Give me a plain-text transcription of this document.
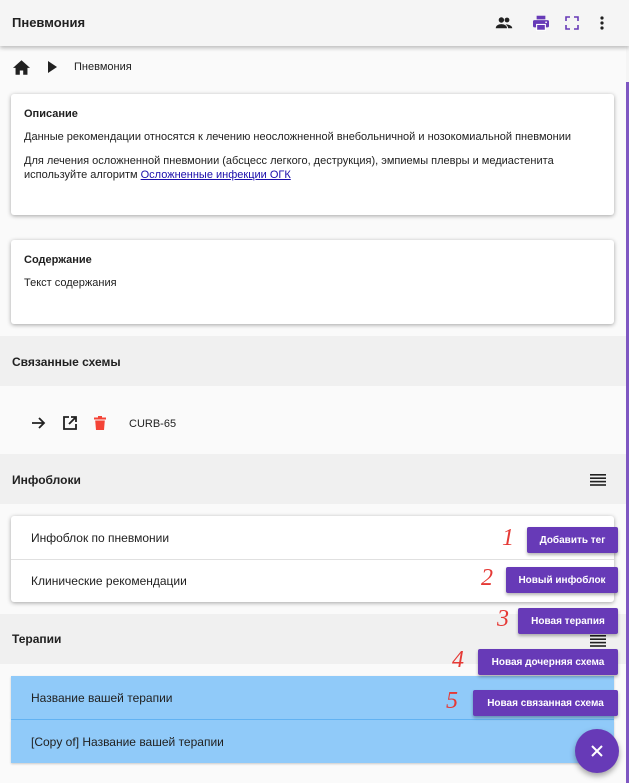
Пневмония
Пневмония
Описание

Данные рекомендации относятся к лечению неосложненной внебольничной и нозокомиальной пневмонии

Для лечения осложненной пневмонии (абсцесс легкого, деструкция), эмпиемы плевры и медиастенита
используйте алгоритм Осложненные инфекции ОГК

Содержание

Текст содержания

Связанные схемы
CURB-65
Инфоблоки
Инфоблок по пневмонии
Клинические рекомендации
Терапии
Название вашей терапии
[Copy of] Название вашей терапии
1	Добавить тег
2	Новый инфоблок
3	Новая терапия
4	Новая дочерняя схема
5	Новая связанная схема
